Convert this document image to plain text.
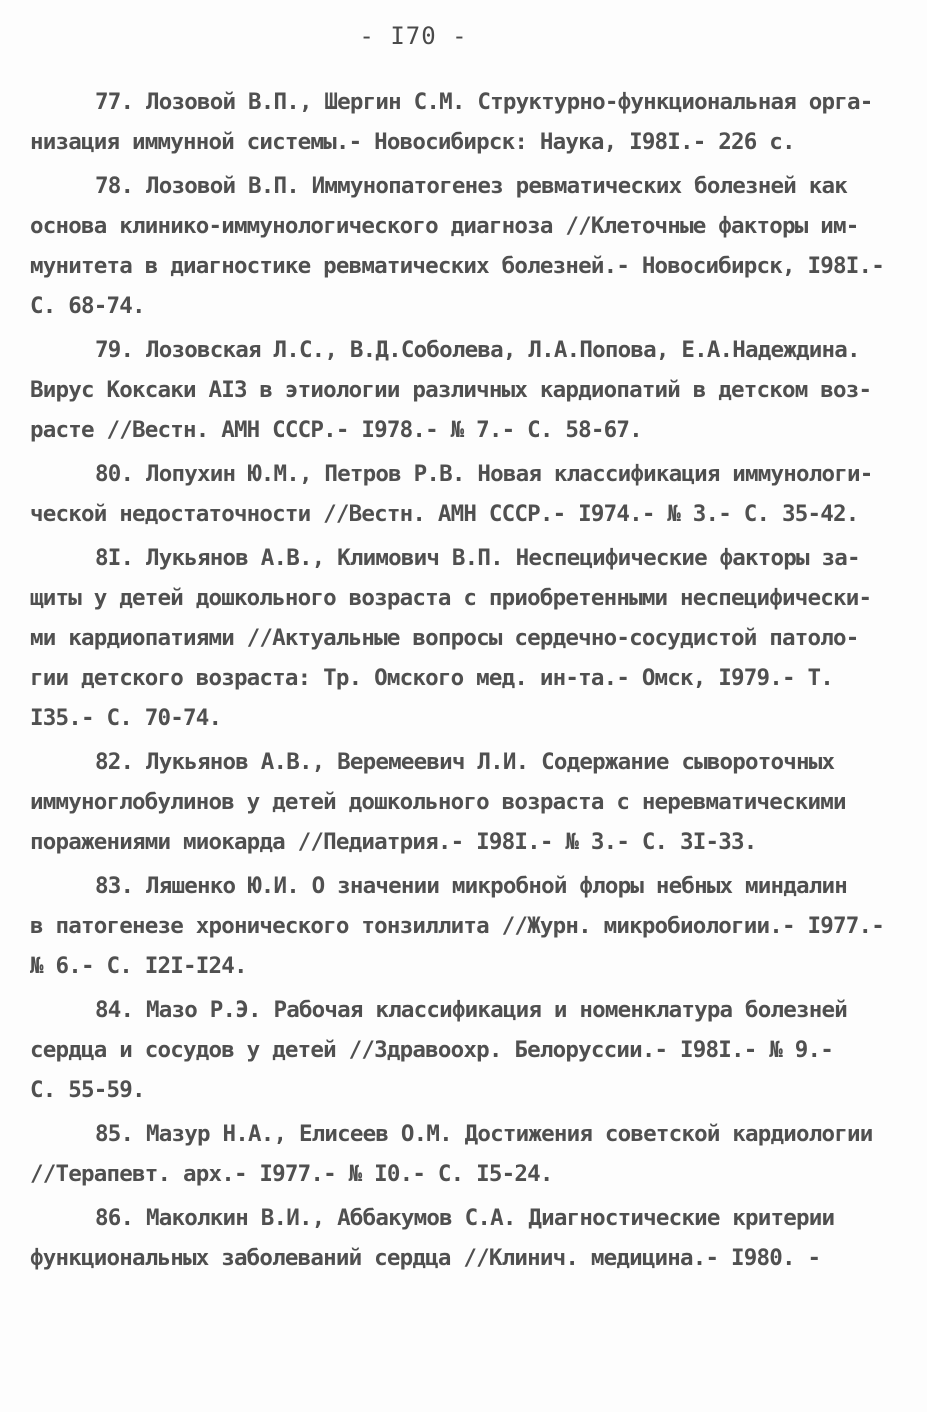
- I70 -
77. Лозовой В.П., Шергин С.М. Структурно-функциональная орга-
низация иммунной системы.- Новосибирск: Наука, I98I.- 226 с.
78. Лозовой В.П. Иммунопатогенез ревматических болезней как
основа клинико-иммунологического диагноза //Клеточные факторы им-
мунитета в диагностике ревматических болезней.- Новосибирск, I98I.-
С. 68-74.
79. Лозовская Л.С., В.Д.Соболева, Л.А.Попова, Е.А.Надеждина.
Вирус Коксаки АI3 в этиологии различных кардиопатий в детском воз-
расте //Вестн. АМН СССР.- I978.- № 7.- С. 58-67.
80. Лопухин Ю.М., Петров Р.В. Новая классификация иммунологи-
ческой недостаточности //Вестн. АМН СССР.- I974.- № 3.- С. 35-42.
8I. Лукьянов А.В., Климович В.П. Неспецифические факторы за-
щиты у детей дошкольного возраста с приобретенными неспецифически-
ми кардиопатиями //Актуальные вопросы сердечно-сосудистой патоло-
гии детского возраста: Тр. Омского мед. ин-та.- Омск, I979.- Т.
I35.- С. 70-74.
82. Лукьянов А.В., Веремеевич Л.И. Содержание сывороточных
иммуноглобулинов у детей дошкольного возраста с неревматическими
поражениями миокарда //Педиатрия.- I98I.- № 3.- С. 3I-33.
83. Ляшенко Ю.И. О значении микробной флоры небных миндалин
в патогенезе хронического тонзиллита //Журн. микробиологии.- I977.-
№ 6.- С. I2I-I24.
84. Мазо Р.Э. Рабочая классификация и номенклатура болезней
сердца и сосудов у детей //Здравоохр. Белоруссии.- I98I.- № 9.-
С. 55-59.
85. Мазур Н.А., Елисеев О.М. Достижения советской кардиологии
//Терапевт. арх.- I977.- № I0.- С. I5-24.
86. Маколкин В.И., Аббакумов С.А. Диагностические критерии
функциональных заболеваний сердца //Клинич. медицина.- I980. -
